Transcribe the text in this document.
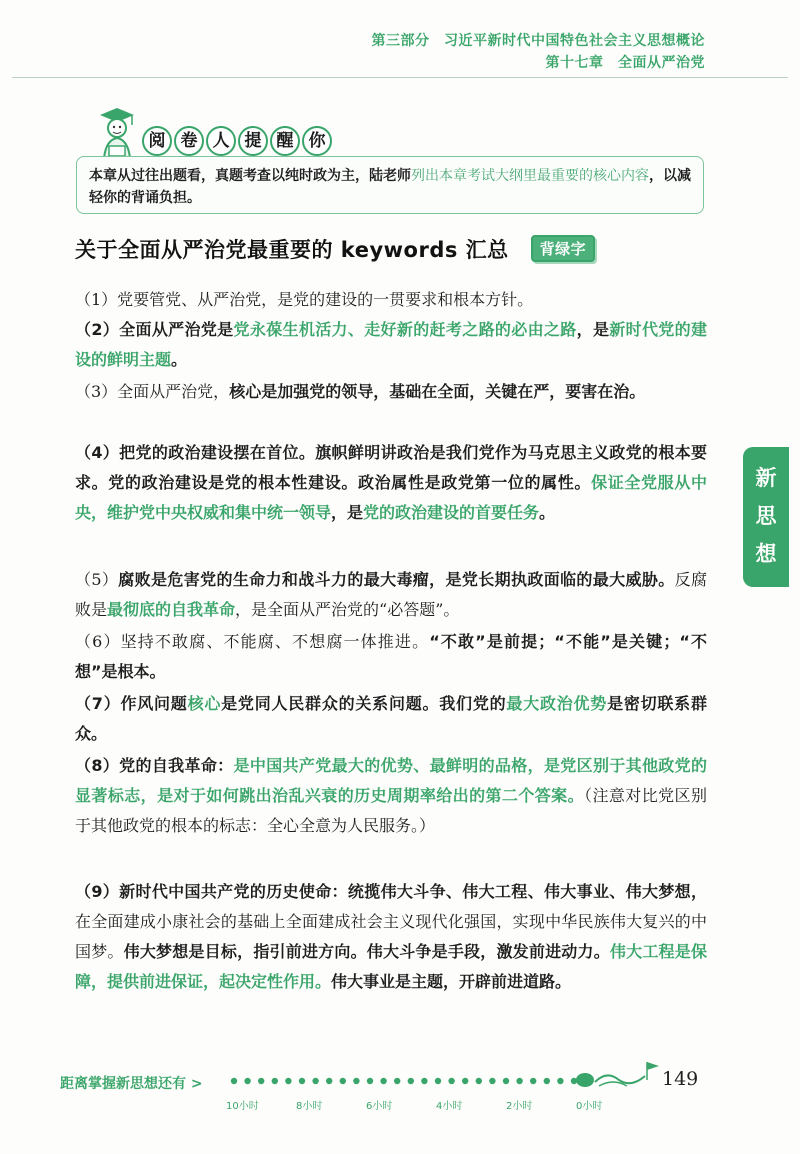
第三部分　习近平新时代中国特色社会主义思想概论
第十七章　全面从严治党
阅 卷 人 提 醒 你
本章从过往出题看，真题考查以纯时政为主，陆老师列出本章考试大纲里最重要的核心内容，以减轻你的背诵负担。
关于全面从严治党最重要的 keywords 汇总 背绿字
（1）党要管党、从严治党，是党的建设的一贯要求和根本方针。
（2）全面从严治党是党永葆生机活力、走好新的赶考之路的必由之路，是新时代党的建设的鲜明主题。
（3）全面从严治党，核心是加强党的领导，基础在全面，关键在严，要害在治。
（4）把党的政治建设摆在首位。旗帜鲜明讲政治是我们党作为马克思主义政党的根本要求。党的政治建设是党的根本性建设。政治属性是政党第一位的属性。保证全党服从中央，维护党中央权威和集中统一领导，是党的政治建设的首要任务。
（5）腐败是危害党的生命力和战斗力的最大毒瘤，是党长期执政面临的最大威胁。反腐败是最彻底的自我革命，是全面从严治党的“必答题”。
（6）坚持不敢腐、不能腐、不想腐一体推进。“不敢”是前提；“不能”是关键；“不想”是根本。
（7）作风问题核心是党同人民群众的关系问题。我们党的最大政治优势是密切联系群众。
（8）党的自我革命：是中国共产党最大的优势、最鲜明的品格，是党区别于其他政党的显著标志，是对于如何跳出治乱兴衰的历史周期率给出的第二个答案。（注意对比党区别于其他政党的根本的标志：全心全意为人民服务。）
（9）新时代中国共产党的历史使命：统揽伟大斗争、伟大工程、伟大事业、伟大梦想，在全面建成小康社会的基础上全面建成社会主义现代化强国，实现中华民族伟大复兴的中国梦。伟大梦想是目标，指引前进方向。伟大斗争是手段，激发前进动力。伟大工程是保障，提供前进保证，起决定性作用。伟大事业是主题，开辟前进道路。
新
思
想
距离掌握新思想还有 >
10小时	8小时	6小时	4小时	2小时	0小时
149
